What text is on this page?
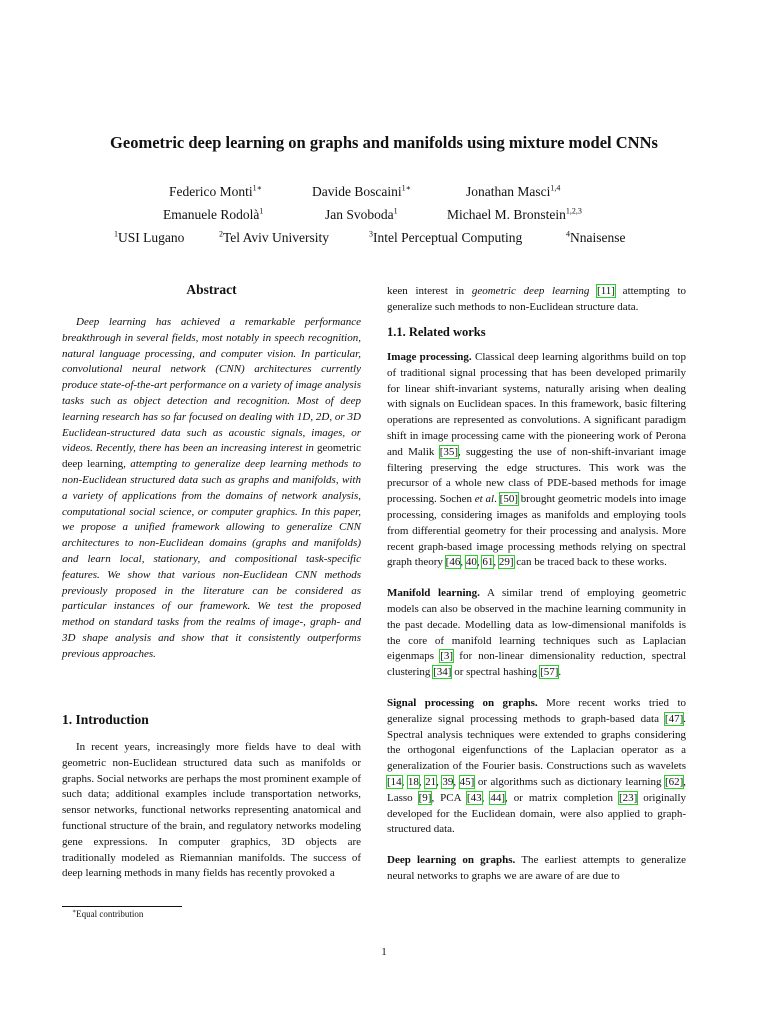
Geometric deep learning on graphs and manifolds using mixture model CNNs
Federico Monti$^{1∗}$	Davide Boscaini$^{1∗}$	Jonathan Masci$^{1,4}$
Emanuele Rodolà$^1$	Jan Svoboda$^1$	Michael M. Bronstein$^{1,2,3}$
$^1$USI Lugano	$^2$Tel Aviv University	$^3$Intel Perceptual Computing	$^4$Nnaisense
Abstract

Deep learning has achieved a remarkable performance breakthrough in several fields, most notably in speech recognition, natural language processing, and computer vision. In particular, convolutional neural network (CNN) architectures currently produce state-of-the-art performance on a variety of image analysis tasks such as object detection and recognition. Most of deep learning research has so far focused on dealing with 1D, 2D, or 3D Euclidean-structured data such as acoustic signals, images, or videos. Recently, there has been an increasing interest in geometric deep learning, attempting to generalize deep learning methods to non-Euclidean structured data such as graphs and manifolds, with a variety of applications from the domains of network analysis, computational social science, or computer graphics. In this paper, we propose a unified framework allowing to generalize CNN architectures to non-Euclidean domains (graphs and manifolds) and learn local, stationary, and compositional task-specific features. We show that various non-Euclidean CNN methods previously proposed in the literature can be considered as particular instances of our framework. We test the proposed method on standard tasks from the realms of image-, graph- and 3D shape analysis and show that it consistently outperforms previous approaches.

1. Introduction

In recent years, increasingly more fields have to deal with geometric non-Euclidean structured data such as manifolds or graphs. Social networks are perhaps the most prominent example of such data; additional examples include transportation networks, sensor networks, functional networks representing anatomical and functional structure of the brain, and regulatory networks modeling gene expressions. In computer graphics, 3D objects are traditionally modeled as Riemannian manifolds. The success of deep learning methods in many fields has recently provoked a

∗Equal contribution

keen interest in geometric deep learning [11] attempting to generalize such methods to non-Euclidean structure data.

1.1. Related works

Image processing. Classical deep learning algorithms build on top of traditional signal processing that has been developed primarily for linear shift-invariant systems, naturally arising when dealing with signals on Euclidean spaces. In this framework, basic filtering operations are represented as convolutions. A significant paradigm shift in image processing came with the pioneering work of Perona and Malik [35], suggesting the use of non-shift-invariant image filtering preserving the edge structures. This work was the precursor of a whole new class of PDE-based methods for image processing. Sochen et al. [50] brought geometric models into image processing, considering images as manifolds and employing tools from differential geometry for their processing and analysis. More recent graph-based image processing methods relying on spectral graph theory [46, 40, 61, 29] can be traced back to these works.

Manifold learning. A similar trend of employing geometric models can also be observed in the machine learning community in the past decade. Modelling data as low-dimensional manifolds is the core of manifold learning techniques such as Laplacian eigenmaps [3] for non-linear dimensionality reduction, spectral clustering [34] or spectral hashing [57].

Signal processing on graphs. More recent works tried to generalize signal processing methods to graph-based data [47]. Spectral analysis techniques were extended to graphs considering the orthogonal eigenfunctions of the Laplacian operator as a generalization of the Fourier basis. Constructions such as wavelets [14, 18, 21, 39, 45] or algorithms such as dictionary learning [62], Lasso [9], PCA [43, 44], or matrix completion [23] originally developed for the Euclidean domain, were also applied to graph-structured data.

Deep learning on graphs. The earliest attempts to generalize neural networks to graphs we are aware of are due to

1
